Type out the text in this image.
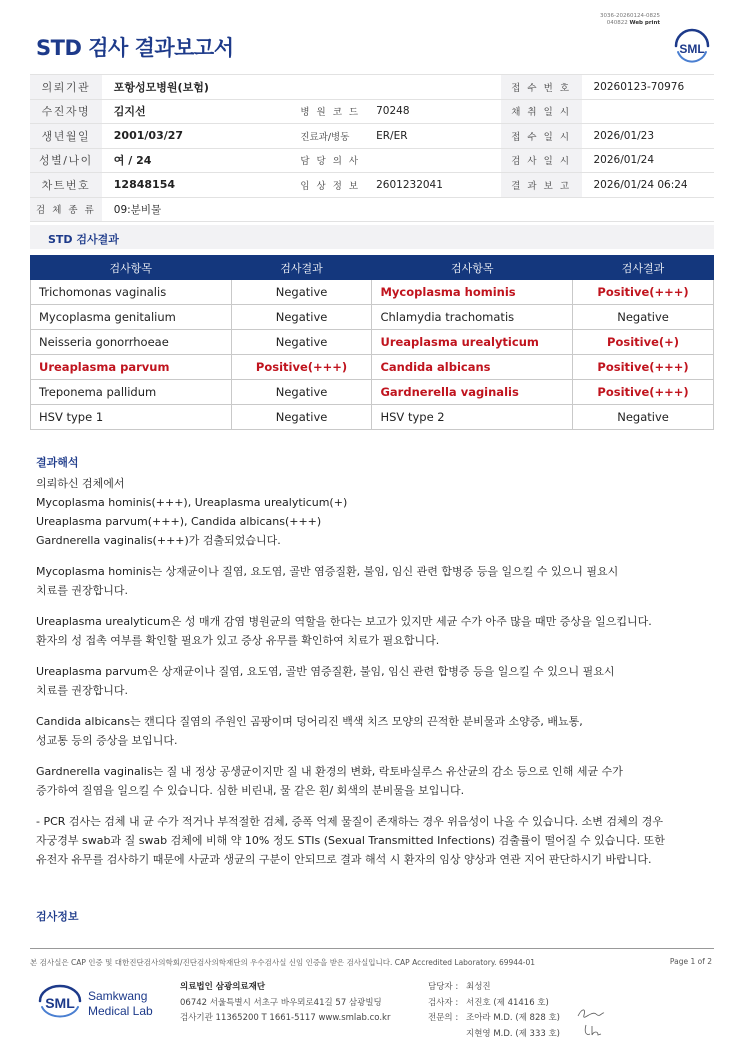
3036-20260124-0825
040822 Web print
STD 검사 결과보고서	SML
의뢰기관	포항성모병원(보험)			접 수 번 호	20260123-70976
수진자명	김지선	병 원 코 드	70248	채 취 일 시	
생년월일	2001/03/27	진료과/병동	ER/ER	접 수 일 시	2026/01/23
성별/나이	여 / 24	담 당 의 사		검 사 일 시	2026/01/24
차트번호	12848154	임 상 정 보	2601232041	결 과 보 고	2026/01/24 06:24
검 체 종 류	09:분비물				
STD 검사결과
검사항목	검사결과	검사항목	검사결과
Trichomonas vaginalis	Negative	Mycoplasma hominis	Positive(+++)
Mycoplasma genitalium	Negative	Chlamydia trachomatis	Negative
Neisseria gonorrhoeae	Negative	Ureaplasma urealyticum	Positive(+)
Ureaplasma parvum	Positive(+++)	Candida albicans	Positive(+++)
Treponema pallidum	Negative	Gardnerella vaginalis	Positive(+++)
HSV type 1	Negative	HSV type 2	Negative
결과해석

의뢰하신 검체에서
Mycoplasma hominis(+++), Ureaplasma urealyticum(+)
Ureaplasma parvum(+++), Candida albicans(+++)
Gardnerella vaginalis(+++)가 검출되었습니다.

Mycoplasma hominis는 상재균이나 질염, 요도염, 골반 염증질환, 불임, 임신 관련 합병증 등을 일으킬 수 있으니 필요시
치료를 권장합니다.

Ureaplasma urealyticum은 성 매개 감염 병원균의 역할을 한다는 보고가 있지만 세균 수가 아주 많을 때만 증상을 일으킵니다.
환자의 성 접촉 여부를 확인할 필요가 있고 증상 유무를 확인하여 치료가 필요합니다.

Ureaplasma parvum은 상재균이나 질염, 요도염, 골반 염증질환, 불임, 임신 관련 합병증 등을 일으킬 수 있으니 필요시
치료를 권장합니다.

Candida albicans는 캔디다 질염의 주원인 곰팡이며 덩어리진 백색 치즈 모양의 끈적한 분비물과 소양증, 배뇨통,
성교통 등의 증상을 보입니다.

Gardnerella vaginalis는 질 내 정상 공생균이지만 질 내 환경의 변화, 락토바실루스 유산균의 감소 등으로 인해 세균 수가
증가하여 질염을 일으킬 수 있습니다. 심한 비린내, 물 같은 흰/ 회색의 분비물을 보입니다.

- PCR 검사는 검체 내 균 수가 적거나 부적절한 검체, 증폭 억제 물질이 존재하는 경우 위음성이 나올 수 있습니다. 소변 검체의 경우
자궁경부 swab과 질 swab 검체에 비해 약 10% 정도 STIs (Sexual Transmitted Infections) 검출률이 떨어질 수 있습니다. 또한
유전자 유무를 검사하기 때문에 사균과 생균의 구분이 안되므로 결과 해석 시 환자의 임상 양상과 연관 지어 판단하시기 바랍니다.

검사정보
본 검사실은 CAP 인증 및 대한진단검사의학회/진단검사의학재단의 우수검사실 신임 인증을 받은 검사실입니다. CAP Accredited Laboratory. 69944-01	Page 1 of 2
SML Samkwang
Medical Lab
의료법인 삼광의료재단
06742 서울특별시 서초구 바우뫼로41길 57 삼광빌딩
검사기관 11365200 T 1661-5117 www.smlab.co.kr
담당자 : 최성진
검사자 : 서진호 (제 41416 호)
전문의 : 조아라 M.D. (제 828 호)
지현영 M.D. (제 333 호)
